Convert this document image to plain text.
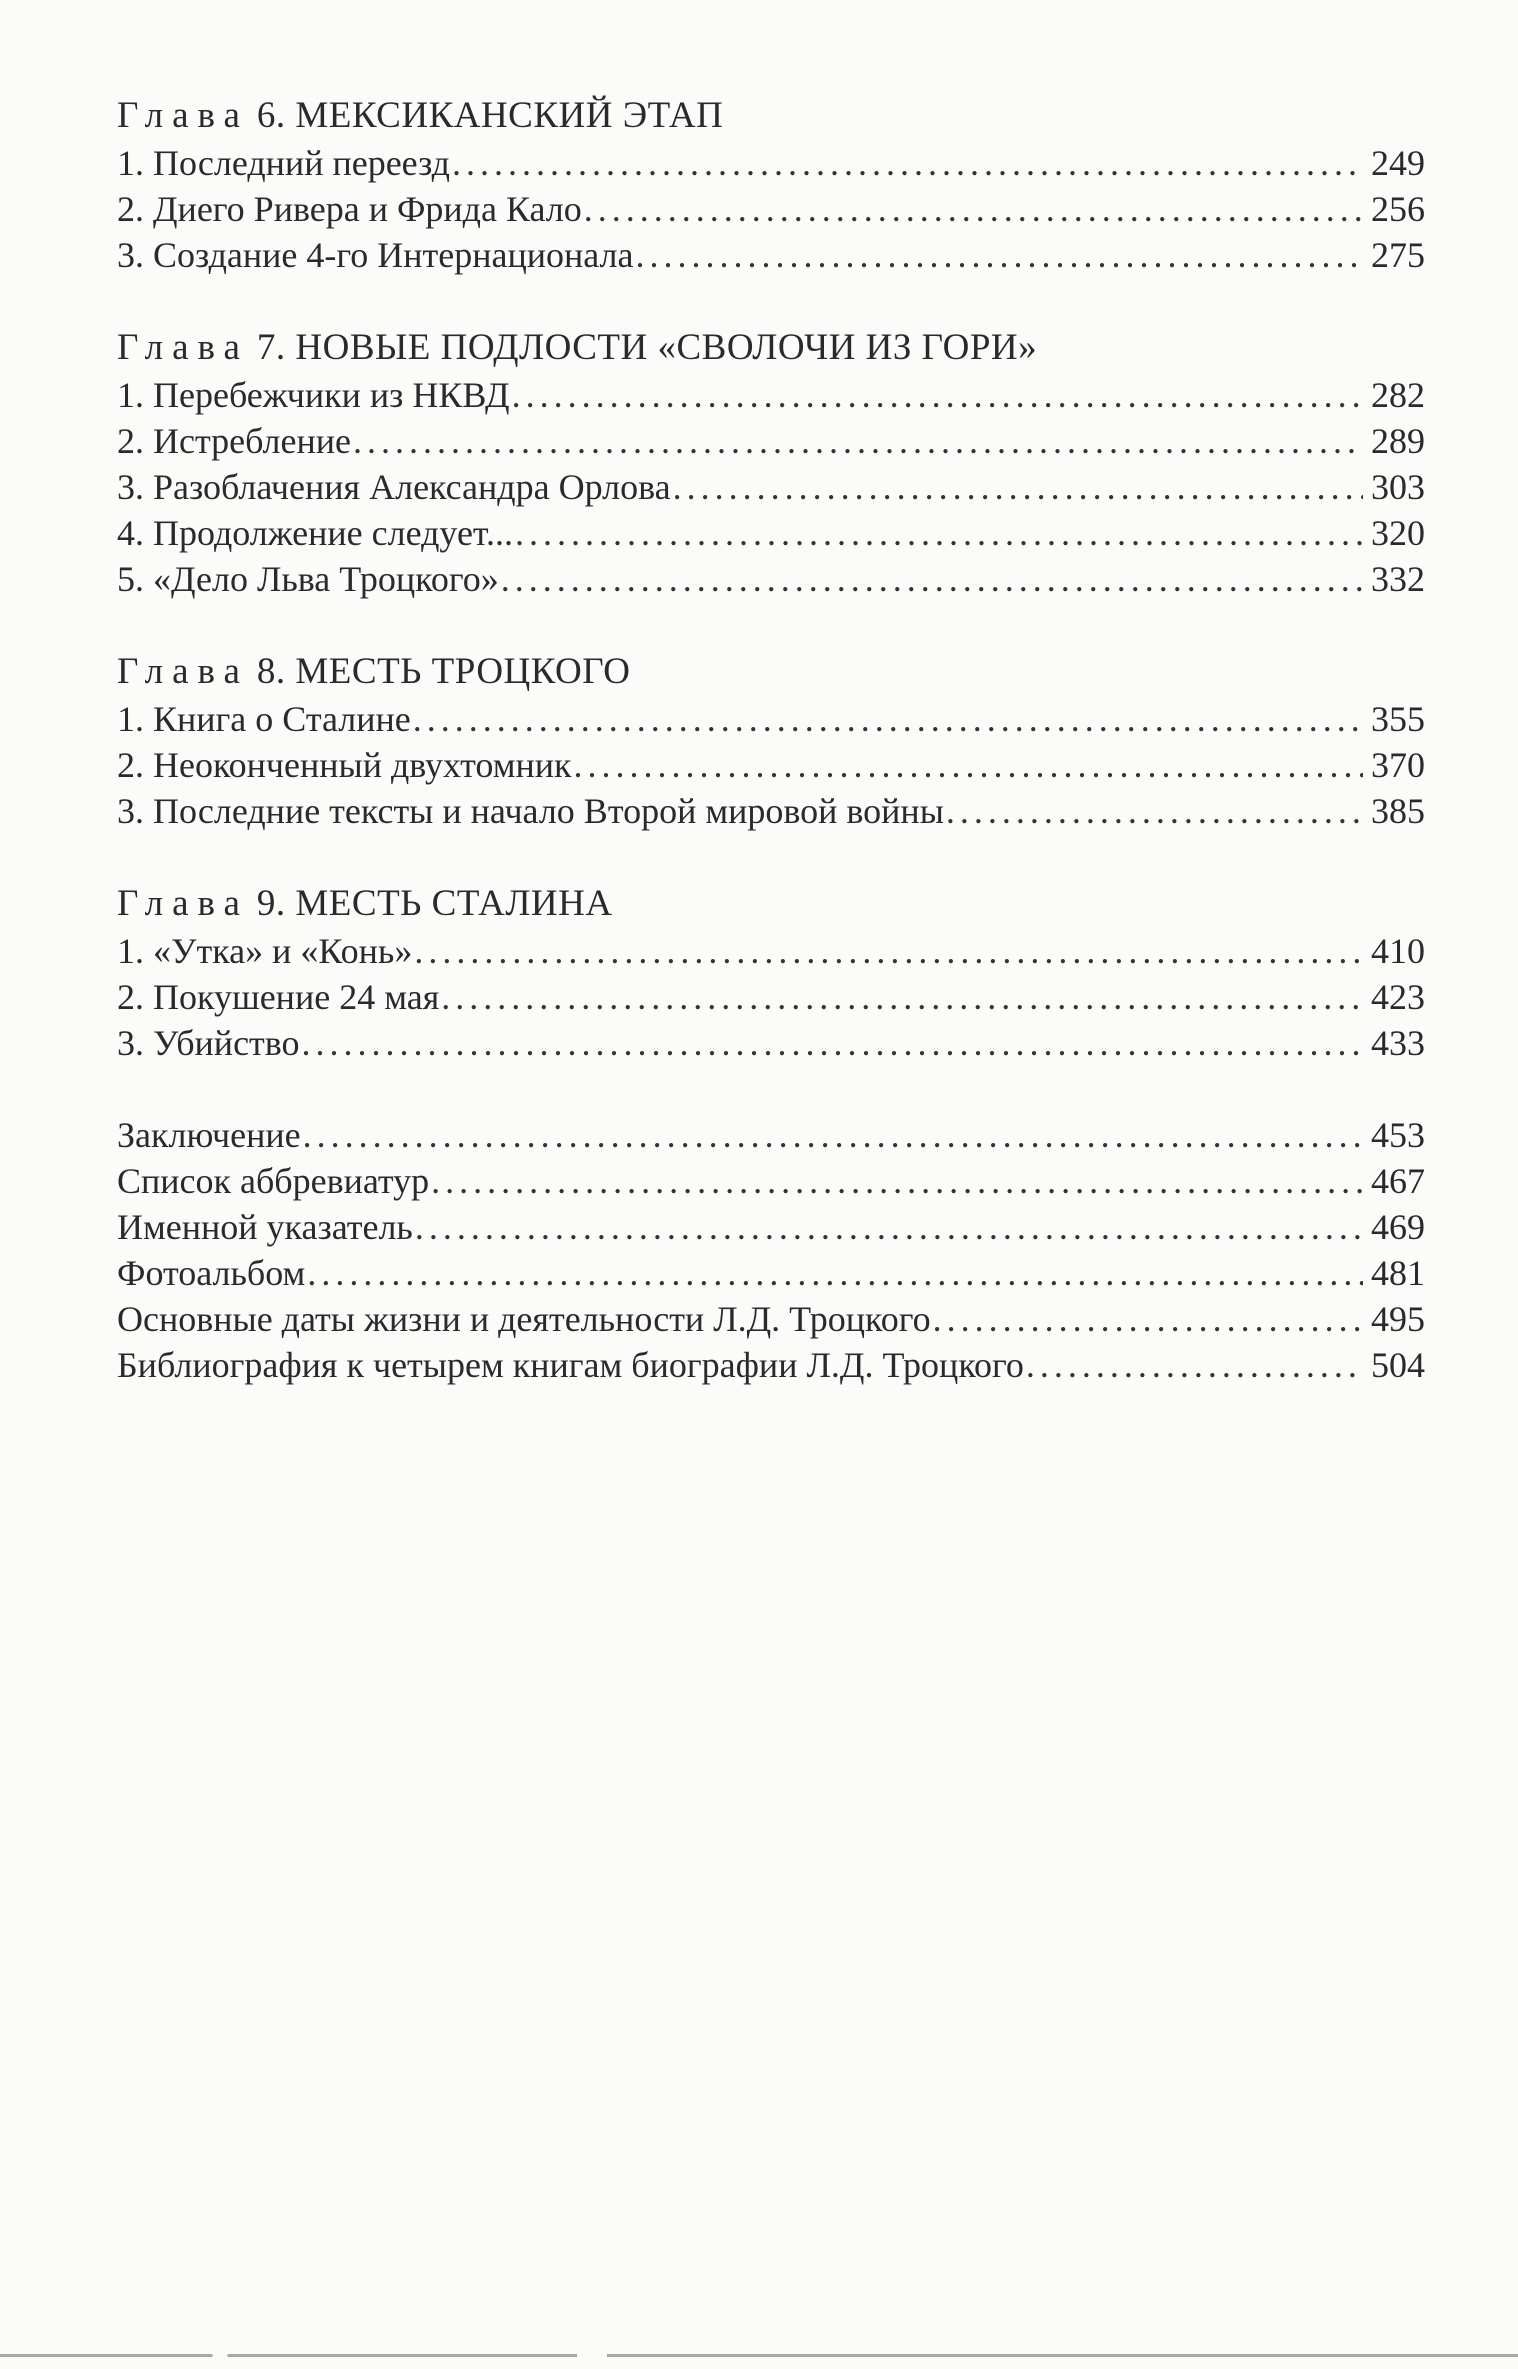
Глава 6. МЕКСИКАНСКИЙ ЭТАП
1. Последний переезд . . .	249
2. Диего Ривера и Фрида Кало . . .	256
3. Создание 4-го Интернационала . . .	275
Глава 7. НОВЫЕ ПОДЛОСТИ «СВОЛОЧИ ИЗ ГОРИ»
1. Перебежчики из НКВД . . .	282
2. Истребление . . .	289
3. Разоблачения Александра Орлова . . .	303
4. Продолжение следует... . . .	320
5. «Дело Льва Троцкого» . . .	332
Глава 8. МЕСТЬ ТРОЦКОГО
1. Книга о Сталине . . .	355
2. Неоконченный двухтомник . . .	370
3. Последние тексты и начало Второй мировой войны . . .	385
Глава 9. МЕСТЬ СТАЛИНА
1. «Утка» и «Конь» . . .	410
2. Покушение 24 мая . . .	423
3. Убийство . . .	433
Заключение . . .	453
Список аббревиатур . . .	467
Именной указатель . . .	469
Фотоальбом . . .	481
Основные даты жизни и деятельности Л.Д. Троцкого . . .	495
Библиография к четырем книгам биографии Л.Д. Троцкого . . .	504
